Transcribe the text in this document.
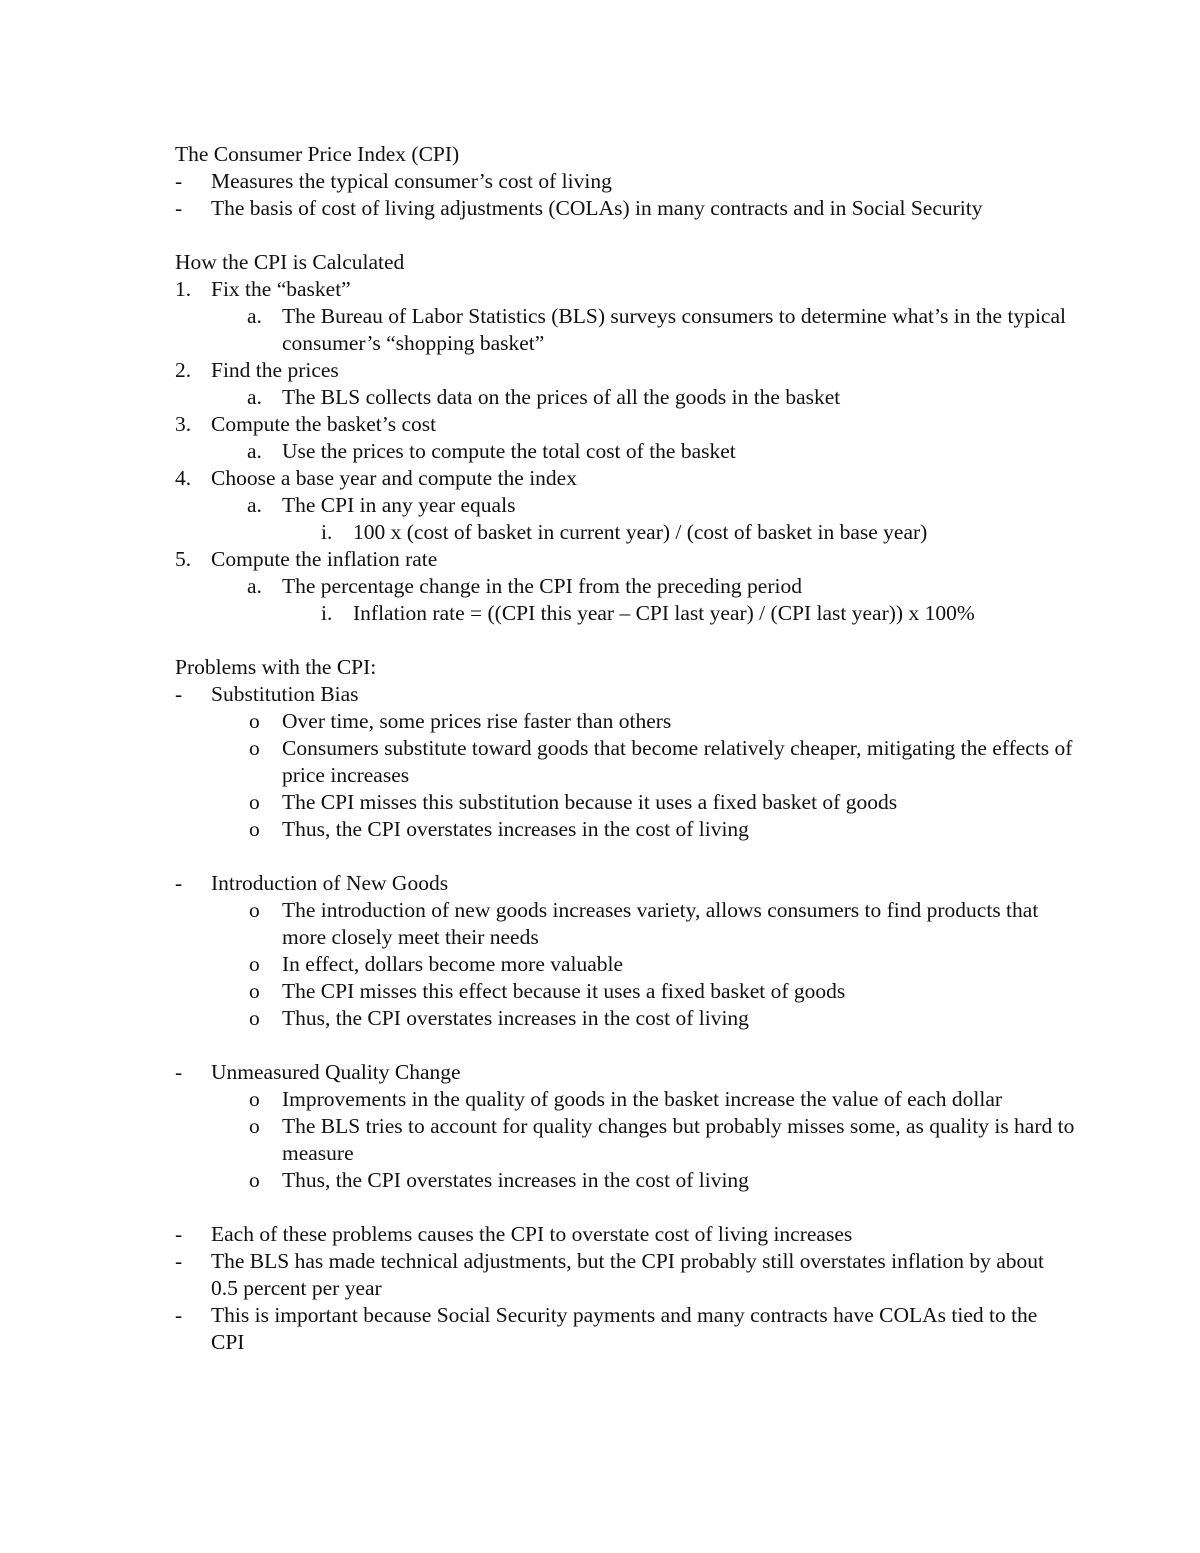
The Consumer Price Index (CPI)
- Measures the typical consumer’s cost of living
- The basis of cost of living adjustments (COLAs) in many contracts and in Social Security
How the CPI is Calculated
1. Fix the “basket”
a. The Bureau of Labor Statistics (BLS) surveys consumers to determine what’s in the typical consumer’s “shopping basket”
2. Find the prices
a. The BLS collects data on the prices of all the goods in the basket
3. Compute the basket’s cost
a. Use the prices to compute the total cost of the basket
4. Choose a base year and compute the index
a. The CPI in any year equals
i. 100 x (cost of basket in current year) / (cost of basket in base year)
5. Compute the inflation rate
a. The percentage change in the CPI from the preceding period
i. Inflation rate = ((CPI this year – CPI last year) / (CPI last year)) x 100%
Problems with the CPI:
- Substitution Bias
o Over time, some prices rise faster than others
o Consumers substitute toward goods that become relatively cheaper, mitigating the effects of price increases
o The CPI misses this substitution because it uses a fixed basket of goods
o Thus, the CPI overstates increases in the cost of living
- Introduction of New Goods
o The introduction of new goods increases variety, allows consumers to find products that more closely meet their needs
o In effect, dollars become more valuable
o The CPI misses this effect because it uses a fixed basket of goods
o Thus, the CPI overstates increases in the cost of living
- Unmeasured Quality Change
o Improvements in the quality of goods in the basket increase the value of each dollar
o The BLS tries to account for quality changes but probably misses some, as quality is hard to measure
o Thus, the CPI overstates increases in the cost of living
- Each of these problems causes the CPI to overstate cost of living increases
- The BLS has made technical adjustments, but the CPI probably still overstates inflation by about 0.5 percent per year
- This is important because Social Security payments and many contracts have COLAs tied to the CPI
